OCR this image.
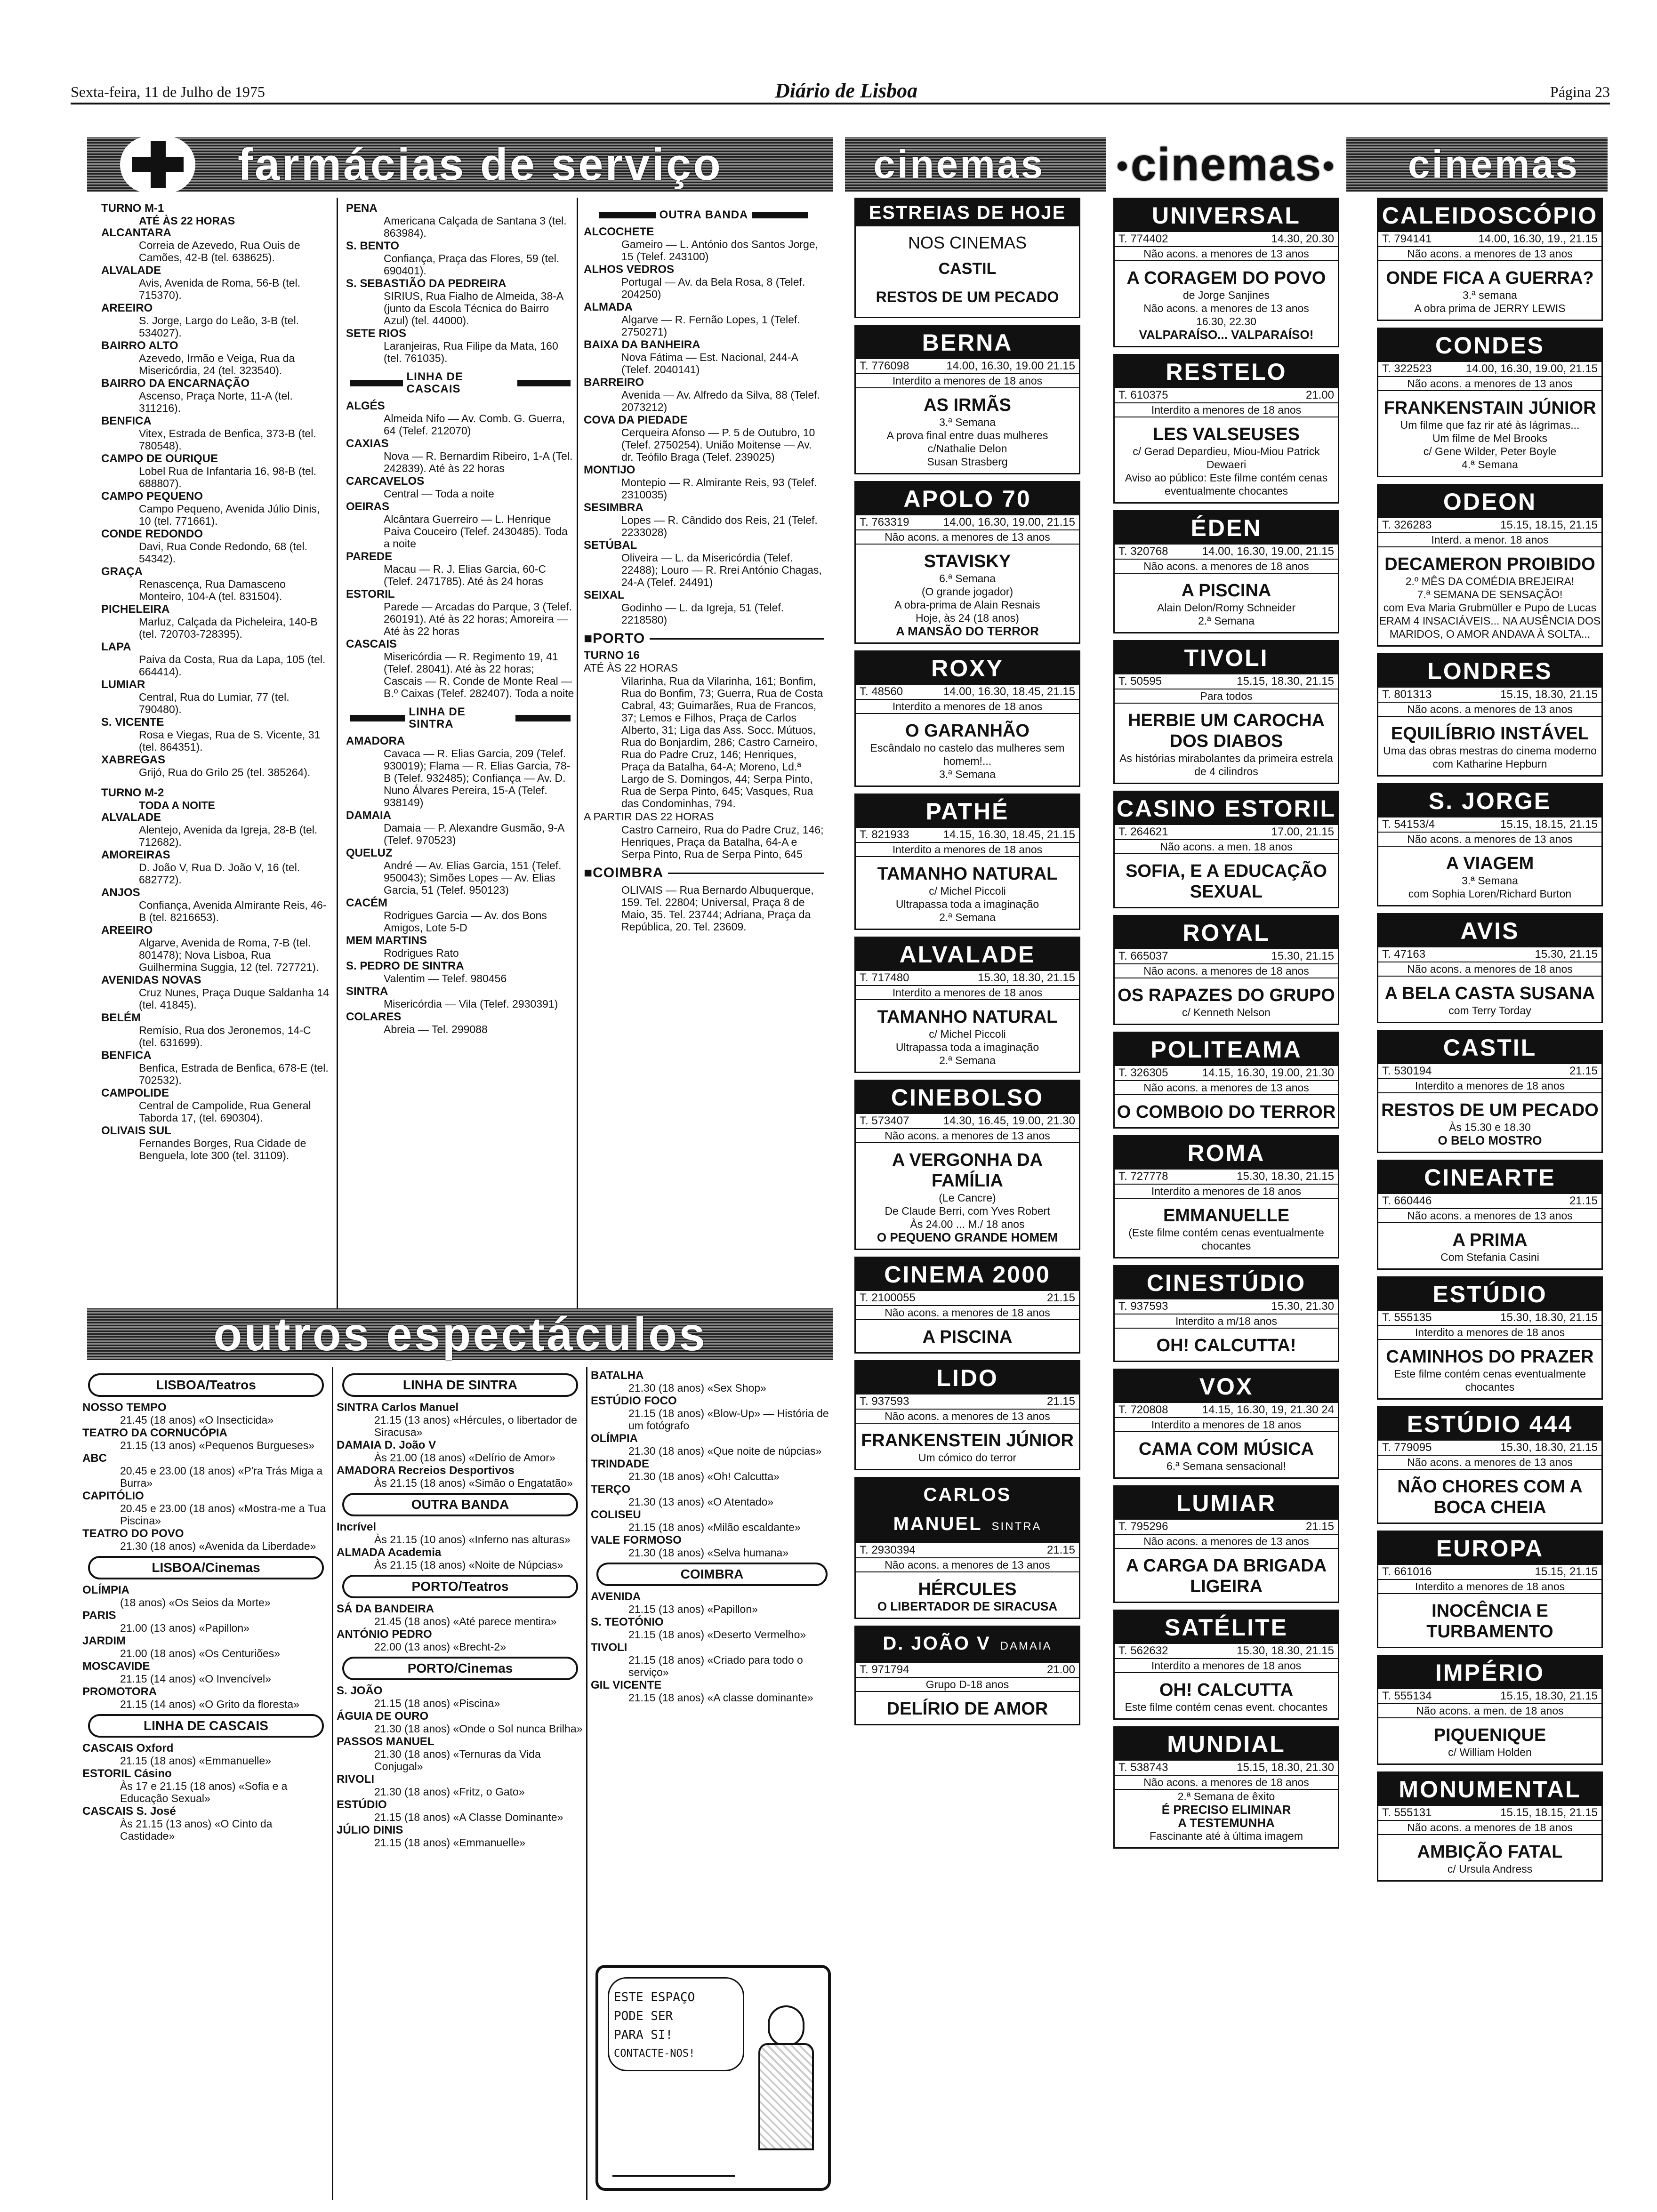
Sexta-feira, 11 de Julho de 1975	Diário de Lisboa	Página 23
farmácias de serviço
TURNO M-1
ATÉ ÀS 22 HORAS
ALCANTARA
Correia de Azevedo, Rua Ouis de Camões, 42-B (tel. 638625).
ALVALADE
Avis, Avenida de Roma, 56-B (tel. 715370).
AREEIRO
S. Jorge, Largo do Leão, 3-B (tel. 534027).
BAIRRO ALTO
Azevedo, Irmão e Veiga, Rua da Misericórdia, 24 (tel. 323540).
BAIRRO DA ENCARNAÇÃO
Ascenso, Praça Norte, 11-A (tel. 311216).
BENFICA
Vitex, Estrada de Benfica, 373-B (tel. 780548).
CAMPO DE OURIQUE
Lobel Rua de Infantaria 16, 98-B (tel. 688807).
CAMPO PEQUENO
Campo Pequeno, Avenida Júlio Dinis, 10 (tel. 771661).
CONDE REDONDO
Davi, Rua Conde Redondo, 68 (tel. 54342).
GRAÇA
Renascença, Rua Damasceno Monteiro, 104-A (tel. 831504).
PICHELEIRA
Marluz, Calçada da Picheleira, 140-B (tel. 720703-728395).
LAPA
Paiva da Costa, Rua da Lapa, 105 (tel. 664414).
LUMIAR
Central, Rua do Lumiar, 77 (tel. 790480).
S. VICENTE
Rosa e Viegas, Rua de S. Vicente, 31 (tel. 864351).
XABREGAS
Grijó, Rua do Grilo 25 (tel. 385264).
TURNO M-2
TODA A NOITE
ALVALADE
Alentejo, Avenida da Igreja, 28-B (tel. 712682).
AMOREIRAS
D. João V, Rua D. João V, 16 (tel. 682772).
ANJOS
Confiança, Avenida Almirante Reis, 46-B (tel. 8216653).
AREEIRO
Algarve, Avenida de Roma, 7-B (tel. 801478); Nova Lisboa, Rua Guilhermina Suggia, 12 (tel. 727721).
AVENIDAS NOVAS
Cruz Nunes, Praça Duque Saldanha 14 (tel. 41845).
BELÉM
Remísio, Rua dos Jeronemos, 14-C (tel. 631699).
BENFICA
Benfica, Estrada de Benfica, 678-E (tel. 702532).
CAMPOLIDE
Central de Campolide, Rua General Taborda 17, (tel. 690304).
OLIVAIS SUL
Fernandes Borges, Rua Cidade de Benguela, lote 300 (tel. 31109).
PENA
Americana Calçada de Santana 3 (tel. 863984).
S. BENTO
Confiança, Praça das Flores, 59 (tel. 690401).
S. SEBASTIÃO DA PEDREIRA
SIRIUS, Rua Fialho de Almeida, 38-A (junto da Escola Técnica do Bairro Azul) (tel. 44000).
SETE RIOS
Laranjeiras, Rua Filipe da Mata, 160 (tel. 761035).
LINHA DE CASCAIS
ALGÉS
Almeida Nifo — Av. Comb. G. Guerra, 64 (Telef. 212070)
CAXIAS
Nova — R. Bernardim Ribeiro, 1-A (Tel. 242839). Até às 22 horas
CARCAVELOS
Central — Toda a noite
OEIRAS
Alcântara Guerreiro — L. Henrique Paiva Couceiro (Telef. 2430485). Toda a noite
PAREDE
Macau — R. J. Elias Garcia, 60-C (Telef. 2471785). Até às 24 horas
ESTORIL
Parede — Arcadas do Parque, 3 (Telef. 260191). Até às 22 horas; Amoreira — Até às 22 horas
CASCAIS
Misericórdia — R. Regimento 19, 41 (Telef. 28041). Até às 22 horas; Cascais — R. Conde de Monte Real — B.º Caixas (Telef. 282407). Toda a noite
LINHA DE SINTRA
AMADORA
Cavaca — R. Elias Garcia, 209 (Telef. 930019); Flama — R. Elias Garcia, 78-B (Telef. 932485); Confiança — Av. D. Nuno Álvares Pereira, 15-A (Telef. 938149)
DAMAIA
Damaia — P. Alexandre Gusmão, 9-A (Telef. 970523)
QUELUZ
André — Av. Elias Garcia, 151 (Telef. 950043); Simões Lopes — Av. Elias Garcia, 51 (Telef. 950123)
CACÉM
Rodrigues Garcia — Av. dos Bons Amigos, Lote 5-D
MEM MARTINS
Rodrigues Rato
S. PEDRO DE SINTRA
Valentim — Telef. 980456
SINTRA
Misericórdia — Vila (Telef. 2930391)
COLARES
Abreia — Tel. 299088
OUTRA BANDA
ALCOCHETE
Gameiro — L. António dos Santos Jorge, 15 (Telef. 243100)
ALHOS VEDROS
Portugal — Av. da Bela Rosa, 8 (Telef. 204250)
ALMADA
Algarve — R. Fernão Lopes, 1 (Telef. 2750271)
BAIXA DA BANHEIRA
Nova Fátima — Est. Nacional, 244-A (Telef. 2040141)
BARREIRO
Avenida — Av. Alfredo da Silva, 88 (Telef. 2073212)
COVA DA PIEDADE
Cerqueira Afonso — P. 5 de Outubro, 10 (Telef. 2750254). União Moitense — Av. dr. Teófilo Braga (Telef. 239025)
MONTIJO
Montepio — R. Almirante Reis, 93 (Telef. 2310035)
SESIMBRA
Lopes — R. Cândido dos Reis, 21 (Telef. 2233028)
SETÚBAL
Oliveira — L. da Misericórdia (Telef. 22488); Louro — R. Rrei António Chagas, 24-A (Telef. 24491)
SEIXAL
Godinho — L. da Igreja, 51 (Telef. 2218580)
■ PORTO
TURNO 16
ATÉ ÀS 22 HORAS
Vilarinha, Rua da Vilarinha, 161; Bonfim, Rua do Bonfim, 73; Guerra, Rua de Costa Cabral, 43; Guimarães, Rua de Francos, 37; Lemos e Filhos, Praça de Carlos Alberto, 31; Liga das Ass. Socc. Mútuos, Rua do Bonjardim, 286; Castro Carneiro, Rua do Padre Cruz, 146; Henriques, Praça da Batalha, 64-A; Moreno, Ld.ª Largo de S. Domingos, 44; Serpa Pinto, Rua de Serpa Pinto, 645; Vasques, Rua das Condominhas, 794.
A PARTIR DAS 22 HORAS
Castro Carneiro, Rua do Padre Cruz, 146; Henriques, Praça da Batalha, 64-A e Serpa Pinto, Rua de Serpa Pinto, 645
■ COIMBRA
OLIVAIS — Rua Bernardo Albuquerque, 159. Tel. 22804; Universal, Praça 8 de Maio, 35. Tel. 23744; Adriana, Praça da República, 20. Tel. 23609.
outros espectáculos
LISBOA/Teatros
NOSSO TEMPO
21.45 (18 anos) «O Insecticida»
TEATRO DA CORNUCÓPIA
21.15 (13 anos) «Pequenos Burgueses»
ABC
20.45 e 23.00 (18 anos) «P'ra Trás Miga a Burra»
CAPITÓLIO
20.45 e 23.00 (18 anos) «Mostra-me a Tua Piscina»
TEATRO DO POVO
21.30 (18 anos) «Avenida da Liberdade»
LISBOA/Cinemas
OLÍMPIA
(18 anos) «Os Seios da Morte»
PARIS
21.00 (13 anos) «Papillon»
JARDIM
21.00 (18 anos) «Os Centuriões»
MOSCAVIDE
21.15 (14 anos) «O Invencível»
PROMOTORA
21.15 (14 anos) «O Grito da floresta»
LINHA DE CASCAIS
CASCAIS Oxford
21.15 (18 anos) «Emmanuelle»
ESTORIL Cásino
Às 17 e 21.15 (18 anos) «Sofia e a Educação Sexual»
CASCAIS S. José
Às 21.15 (13 anos) «O Cinto da Castidade»
LINHA DE SINTRA
SINTRA Carlos Manuel
21.15 (13 anos) «Hércules, o libertador de Siracusa»
DAMAIA D. João V
Às 21.00 (18 anos) «Delírio de Amor»
AMADORA Recreios Desportivos
Às 21.15 (18 anos) «Simão o Engatatão»
OUTRA BANDA
Incrível
Às 21.15 (10 anos) «Inferno nas alturas»
ALMADA Academia
Às 21.15 (18 anos) «Noite de Núpcias»
PORTO/Teatros
SÁ DA BANDEIRA
21.45 (18 anos) «Até parece mentira»
ANTÓNIO PEDRO
22.00 (13 anos) «Brecht-2»
PORTO/Cinemas
S. JOÃO
21.15 (18 anos) «Piscina»
ÁGUIA DE OURO
21.30 (18 anos) «Onde o Sol nunca Brilha»
PASSOS MANUEL
21.30 (18 anos) «Ternuras da Vida Conjugal»
RIVOLI
21.30 (18 anos) «Fritz, o Gato»
ESTÚDIO
21.15 (18 anos) «A Classe Dominante»
JÚLIO DINIS
21.15 (18 anos) «Emmanuelle»
BATALHA
21.30 (18 anos) «Sex Shop»
ESTÚDIO FOCO
21.15 (18 anos) «Blow-Up» — História de um fotógrafo
OLÍMPIA
21.30 (18 anos) «Que noite de núpcias»
TRINDADE
21.30 (18 anos) «Oh! Calcutta»
TERÇO
21.30 (13 anos) «O Atentado»
COLISEU
21.15 (18 anos) «Milão escaldante»
VALE FORMOSO
21.30 (18 anos) «Selva humana»
COIMBRA
AVENIDA
21.15 (13 anos) «Papillon»
S. TEOTÓNIO
21.15 (18 anos) «Deserto Vermelho»
TIVOLI
21.15 (18 anos) «Criado para todo o serviço»
GIL VICENTE
21.15 (18 anos) «A classe dominante»
ESTE ESPAÇO
PODE SER
PARA SI!
CONTACTE-NOS!
cinemas	● cinemas ● cinemas
ESTREIAS DE HOJE
NOS CINEMAS
CASTIL
RESTOS DE UM PECADO
BERNA
T. 776098	14.00, 16.30, 19.00 21.15
Interdito a menores de 18 anos
AS IRMÃS
3.ª Semana
A prova final entre duas mulheres
c/Nathalie Delon
Susan Strasberg
APOLO 70
T. 763319	14.00, 16.30, 19.00, 21.15
Não acons. a menores de 13 anos
STAVISKY
6.ª Semana
(O grande jogador)
A obra-prima de Alain Resnais
Hoje, às 24 (18 anos)
A MANSÃO DO TERROR
ROXY
T. 48560	14.00, 16.30, 18.45, 21.15
Interdito a menores de 18 anos
O GARANHÃO
Escândalo no castelo das mulheres sem homem!...
3.ª Semana
PATHÉ
T. 821933	14.15, 16.30, 18.45, 21.15
Interdito a menores de 18 anos
TAMANHO NATURAL
c/ Michel Piccoli
Ultrapassa toda a imaginação
2.ª Semana
ALVALADE
T. 717480	15.30, 18.30, 21.15
Interdito a menores de 18 anos
TAMANHO NATURAL
c/ Michel Piccoli
Ultrapassa toda a imaginação
2.ª Semana
CINEBOLSO
T. 573407	14.30, 16.45, 19.00, 21.30
Não acons. a menores de 13 anos
A VERGONHA DA FAMÍLIA
(Le Cancre)
De Claude Berri, com Yves Robert
Às 24.00 ... M./ 18 anos
O PEQUENO GRANDE HOMEM
CINEMA 2000
T. 2100055	21.15
Não acons. a menores de 18 anos
A PISCINA
LIDO
T. 937593	21.15
Não acons. a menores de 13 anos
FRANKENSTEIN JÚNIOR
Um cómico do terror
CARLOS MANUEL SINTRA
T. 2930394	21.15
Não acons. a menores de 13 anos
HÉRCULES
O LIBERTADOR DE SIRACUSA
D. JOÃO V DAMAIA
T. 971794	21.00
Grupo D-18 anos
DELÍRIO DE AMOR
UNIVERSAL
T. 774402	14.30, 20.30
Não acons. a menores de 13 anos
A CORAGEM DO POVO
de Jorge Sanjines
Não acons. a menores de 13 anos
16.30, 22.30
VALPARAÍSO... VALPARAÍSO!
RESTELO
T. 610375	21.00
Interdito a menores de 18 anos
LES VALSEUSES
c/ Gerad Depardieu, Miou-Miou Patrick Dewaeri
Aviso ao público: Este filme contém cenas eventualmente chocantes
ÉDEN
T. 320768	14.00, 16.30, 19.00, 21.15
Não acons. a menores de 18 anos
A PISCINA
Alain Delon/Romy Schneider
2.ª Semana
TIVOLI
T. 50595	15.15, 18.30, 21.15
Para todos
HERBIE UM CAROCHA DOS DIABOS
As histórias mirabolantes da primeira estrela de 4 cilindros
CASINO ESTORIL
T. 264621	17.00, 21.15
Não acons. a men. 18 anos
SOFIA, E A EDUCAÇÃO SEXUAL
ROYAL
T. 665037	15.30, 21.15
Não acons. a menores de 18 anos
OS RAPAZES DO GRUPO
c/ Kenneth Nelson
POLITEAMA
T. 326305	14.15, 16.30, 19.00, 21.30
Não acons. a menores de 13 anos
O COMBOIO DO TERROR
ROMA
T. 727778	15.30, 18.30, 21.15
Interdito a menores de 18 anos
EMMANUELLE
(Este filme contém cenas eventualmente chocantes
CINESTÚDIO
T. 937593	15.30, 21.30
Interdito a m/18 anos
OH! CALCUTTA!
VOX
T. 720808	14.15, 16.30, 19, 21.30 24
Interdito a menores de 18 anos
CAMA COM MÚSICA
6.ª Semana sensacional!
LUMIAR
T. 795296	21.15
Não acons. a menores de 13 anos
A CARGA DA BRIGADA LIGEIRA
SATÉLITE
T. 562632	15.30, 18.30, 21.15
Interdito a menores de 18 anos
OH! CALCUTTA
Este filme contém cenas event. chocantes
MUNDIAL
T. 538743	15.15, 18.30, 21.30
Não acons. a menores de 18 anos
2.ª Semana de êxito
É PRECISO ELIMINAR
A TESTEMUNHA
Fascinante até à última imagem
CALEIDOSCÓPIO
T. 794141	14.00, 16.30, 19., 21.15
Não acons. a menores de 13 anos
ONDE FICA A GUERRA?
3.ª semana
A obra prima de JERRY LEWIS
CONDES
T. 322523	14.00, 16.30, 19.00, 21.15
Não acons. a menores de 13 anos
FRANKENSTAIN JÚNIOR
Um filme que faz rir até às lágrimas...
Um filme de Mel Brooks
c/ Gene Wilder, Peter Boyle
4.ª Semana
ODEON
T. 326283	15.15, 18.15, 21.15
Interd. a menor. 18 anos
DECAMERON PROIBIDO
2.º MÊS DA COMÉDIA BREJEIRA!
7.ª SEMANA DE SENSAÇÃO!
com Eva Maria Grubmüller e Pupo de Lucas
ERAM 4 INSACIÁVEIS... NA AUSÊNCIA DOS MARIDOS, O AMOR ANDAVA À SOLTA...
LONDRES
T. 801313	15.15, 18.30, 21.15
Não acons. a menores de 13 anos
EQUILÍBRIO INSTÁVEL
Uma das obras mestras do cinema moderno
com Katharine Hepburn
S. JORGE
T. 54153/4	15.15, 18.15, 21.15
Não acons. a menores de 13 anos
A VIAGEM
3.ª Semana
com Sophia Loren/Richard Burton
AVIS
T. 47163	15.30, 21.15
Não acons. a menores de 18 anos
A BELA CASTA SUSANA
com Terry Torday
CASTIL
T. 530194	21.15
Interdito a menores de 18 anos
RESTOS DE UM PECADO
Às 15.30 e 18.30
O BELO MOSTRO
CINEARTE
T. 660446	21.15
Não acons. a menores de 13 anos
A PRIMA
Com Stefania Casini
ESTÚDIO
T. 555135	15.30, 18.30, 21.15
Interdito a menores de 18 anos
CAMINHOS DO PRAZER
Este filme contém cenas eventualmente chocantes
ESTÚDIO 444
T. 779095	15.30, 18.30, 21.15
Não acons. a menores de 13 anos
NÃO CHORES COM A BOCA CHEIA
EUROPA
T. 661016	15.15, 21.15
Interdito a menores de 18 anos
INOCÊNCIA E TURBAMENTO
IMPÉRIO
T. 555134	15.15, 18.30, 21.15
Não acons. a men. de 18 anos
PIQUENIQUE
c/ William Holden
MONUMENTAL
T. 555131	15.15, 18.15, 21.15
Não acons. a menores de 18 anos
AMBIÇÃO FATAL
c/ Ursula Andress
